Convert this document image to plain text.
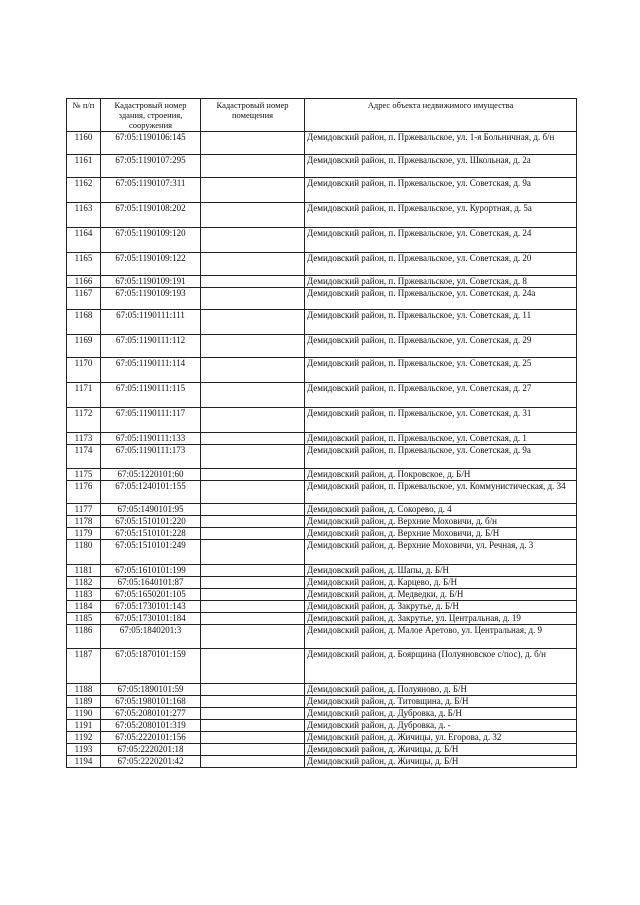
№ п/п	Кадастровый номер здания, строения, сооружения	Кадастровый номер помещения	Адрес объекта недвижимого имущества
1160	67:05:1190106:145		Демидовский район, п. Пржевальское, ул. 1-я Больничная, д. б/н
1161	67:05:1190107:295		Демидовский район, п. Пржевальское, ул. Школьная, д. 2а
1162	67:05:1190107:311		Демидовский район, п. Пржевальское, ул. Советская, д. 9а
1163	67:05:1190108:202		Демидовский район, п. Пржевальское, ул. Курортная, д. 5а
1164	67:05:1190109:120		Демидовский район, п. Пржевальское, ул. Советская, д. 24
1165	67:05:1190109:122		Демидовский район, п. Пржевальское, ул. Советская, д. 20
1166	67:05:1190109:191		Демидовский район, п. Пржевальское, ул. Советская, д. 8
1167	67:05:1190109:193		Демидовский район, п. Пржевальское, ул. Советская, д. 24а
1168	67:05:1190111:111		Демидовский район, п. Пржевальское, ул. Советская, д. 11
1169	67:05:1190111:112		Демидовский район, п. Пржевальское, ул. Советская, д. 29
1170	67:05:1190111:114		Демидовский район, п. Пржевальское, ул. Советская, д. 25
1171	67:05:1190111:115		Демидовский район, п. Пржевальское, ул. Советская, д. 27
1172	67:05:1190111:117		Демидовский район, п. Пржевальское, ул. Советская, д. 31
1173	67:05:1190111:133		Демидовский район, п. Пржевальское, ул. Советская, д. 1
1174	67:05:1190111:173		Демидовский район, п. Пржевальское, ул. Советская, д. 9а
1175	67:05:1220101:60		Демидовский район, д. Покровское, д. Б/Н
1176	67:05:1240101:155		Демидовский район, п. Пржевальское, ул. Коммунистическая, д. 34
1177	67:05:1490101:95		Демидовский район, д. Сокорево, д. 4
1178	67:05:1510101:220		Демидовский район, д. Верхние Моховичи, д. б/н
1179	67:05:1510101:228		Демидовский район, д. Верхние Моховичи, д. Б/Н
1180	67:05:1510101:249		Демидовский район, д. Верхние Моховичи, ул. Речная, д. 3
1181	67:05:1610101:199		Демидовский район, д. Шапы, д. Б/Н
1182	67:05:1640101:87		Демидовский район, д. Карцево, д. Б/Н
1183	67:05:1650201:105		Демидовский район, д. Медведки, д. Б/Н
1184	67:05:1730101:143		Демидовский район, д. Закрутье, д. Б/Н
1185	67:05:1730101:184		Демидовский район, д. Закрутье, ул. Центральная, д. 19
1186	67:05:1840201:3		Демидовский район, д. Малое Аретово, ул. Центральная, д. 9
1187	67:05:1870101:159		Демидовский район, д. Боярщина (Полуяновское с/пос), д. б/н
1188	67:05:1890101:59		Демидовский район, д. Полуяново, д. Б/Н
1189	67:05:1980101:168		Демидовский район, д. Титовщина, д. Б/Н
1190	67:05:2080101:277		Демидовский район, д. Дубровка, д. Б/Н
1191	67:05:2080101:319		Демидовский район, д. Дубровка, д. -
1192	67:05:2220101:156		Демидовский район, д. Жичицы, ул. Егорова, д. 32
1193	67:05:2220201:18		Демидовский район, д. Жичицы, д. Б/Н
1194	67:05:2220201:42		Демидовский район, д. Жичицы, д. Б/Н
